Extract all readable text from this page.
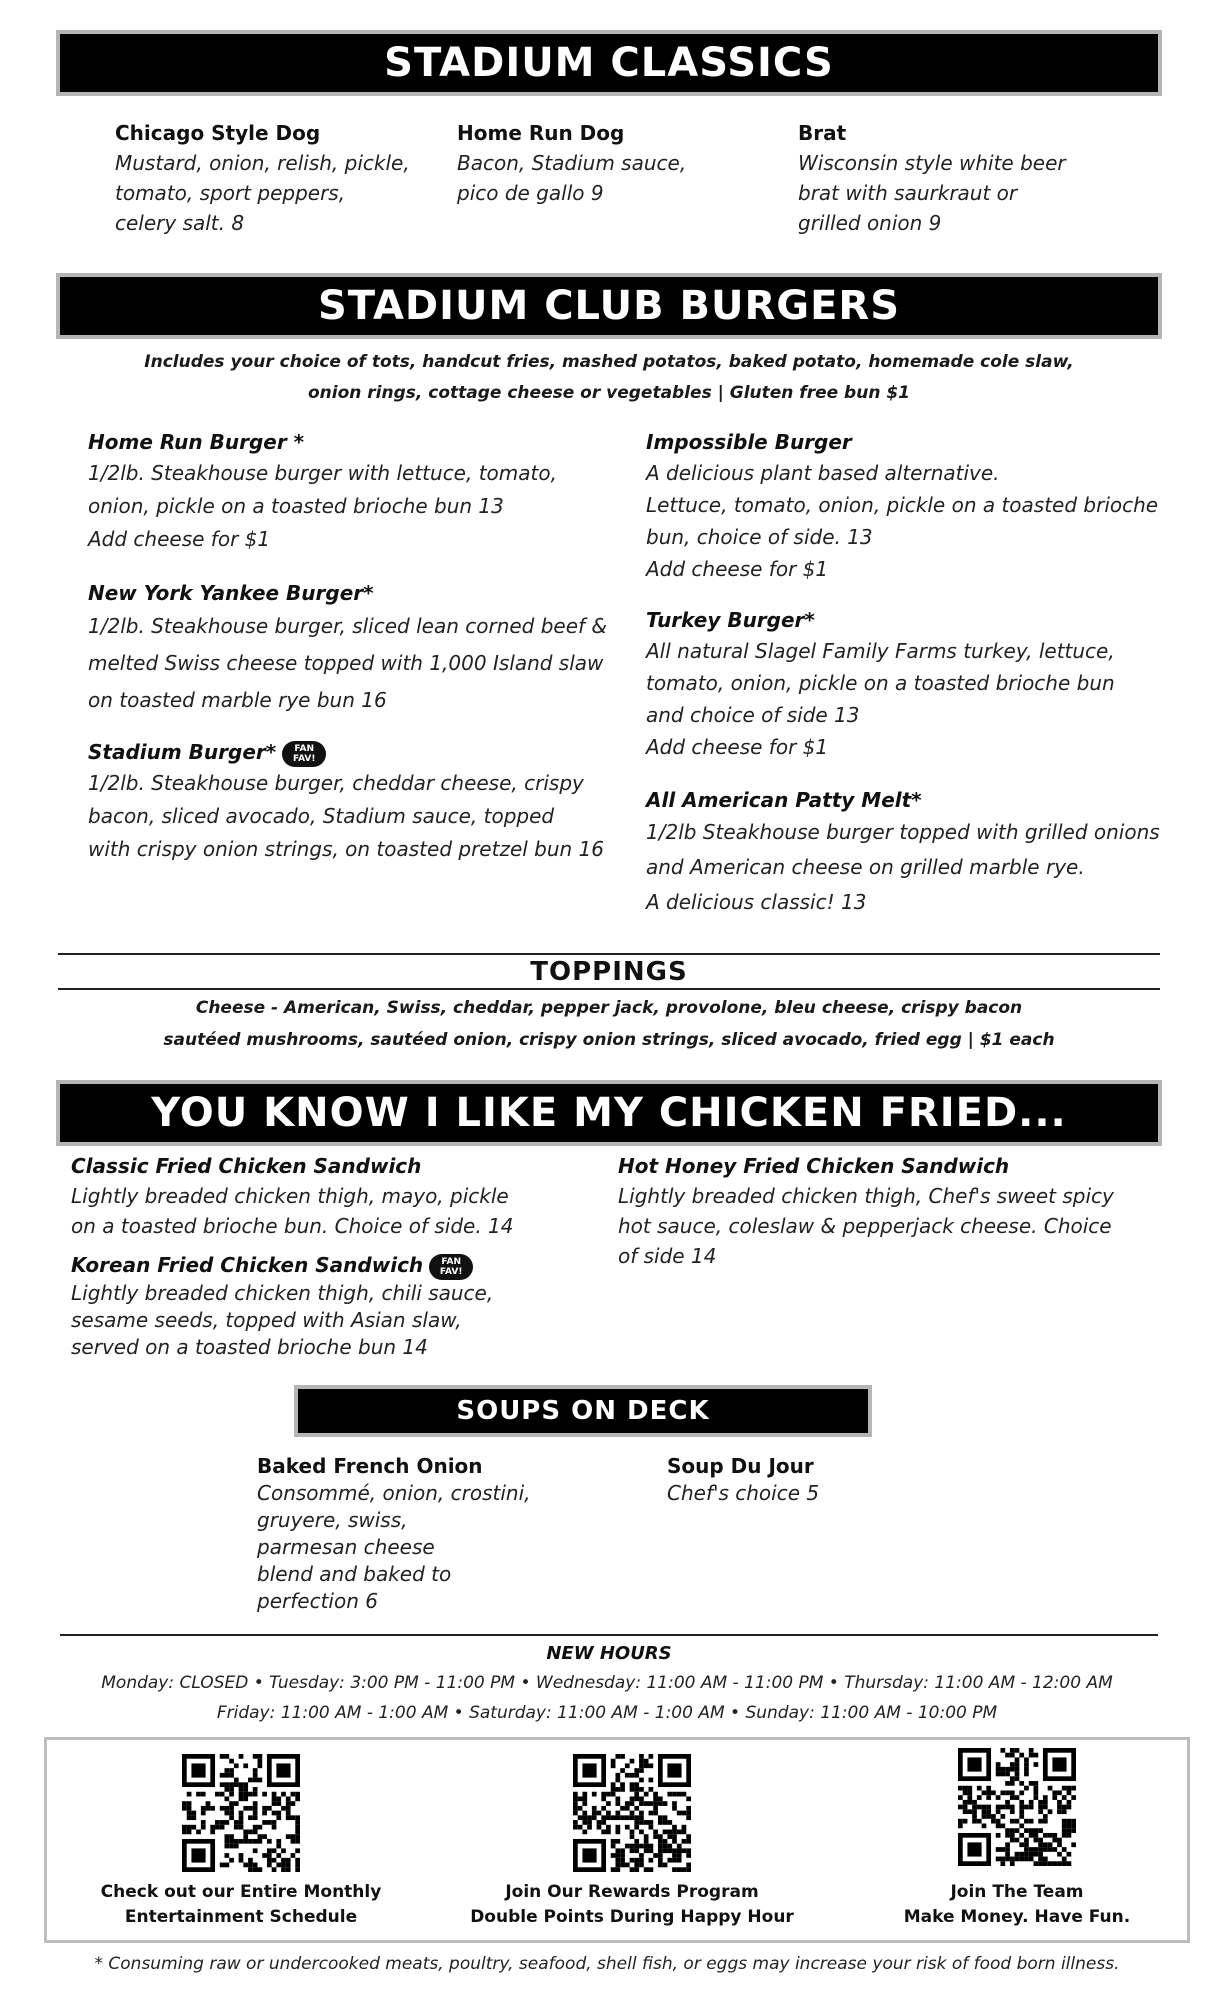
STADIUM CLASSICS
Chicago Style Dog
Mustard, onion, relish, pickle,
tomato, sport peppers,
celery salt. 8
Home Run Dog
Bacon, Stadium sauce,
pico de gallo 9
Brat
Wisconsin style white beer
brat with saurkraut or
grilled onion 9
STADIUM CLUB BURGERS
Includes your choice of tots, handcut fries, mashed potatos, baked potato, homemade cole slaw,
onion rings, cottage cheese or vegetables | Gluten free bun $1
Home Run Burger *
1/2lb. Steakhouse burger with lettuce, tomato,
onion, pickle on a toasted brioche bun 13
Add cheese for $1
New York Yankee Burger*
1/2lb. Steakhouse burger, sliced lean corned beef &
melted Swiss cheese topped with 1,000 Island slaw
on toasted marble rye bun 16
Stadium Burger* FAN FAV!
1/2lb. Steakhouse burger, cheddar cheese, crispy
bacon, sliced avocado, Stadium sauce, topped
with crispy onion strings, on toasted pretzel bun 16
Impossible Burger
A delicious plant based alternative.
Lettuce, tomato, onion, pickle on a toasted brioche
bun, choice of side. 13
Add cheese for $1
Turkey Burger*
All natural Slagel Family Farms turkey, lettuce,
tomato, onion, pickle on a toasted brioche bun
and choice of side 13
Add cheese for $1
All American Patty Melt*
1/2lb Steakhouse burger topped with grilled onions
and American cheese on grilled marble rye.
A delicious classic! 13
TOPPINGS
Cheese - American, Swiss, cheddar, pepper jack, provolone, bleu cheese, crispy bacon
sautéed mushrooms, sautéed onion, crispy onion strings, sliced avocado, fried egg | $1 each
YOU KNOW I LIKE MY CHICKEN FRIED...
Classic Fried Chicken Sandwich
Lightly breaded chicken thigh, mayo, pickle
on a toasted brioche bun. Choice of side. 14
Korean Fried Chicken Sandwich FAN FAV!
Lightly breaded chicken thigh, chili sauce,
sesame seeds, topped with Asian slaw,
served on a toasted brioche bun 14
Hot Honey Fried Chicken Sandwich
Lightly breaded chicken thigh, Chef's sweet spicy
hot sauce, coleslaw & pepperjack cheese. Choice
of side 14
SOUPS ON DECK
Baked French Onion
Consommé, onion, crostini,
gruyere, swiss,
parmesan cheese
blend and baked to
perfection 6
Soup Du Jour
Chef's choice 5
NEW HOURS
Monday: CLOSED • Tuesday: 3:00 PM - 11:00 PM • Wednesday: 11:00 AM - 11:00 PM • Thursday: 11:00 AM - 12:00 AM
Friday: 11:00 AM - 1:00 AM • Saturday: 11:00 AM - 1:00 AM • Sunday: 11:00 AM - 10:00 PM
Check out our Entire Monthly
Entertainment Schedule
Join Our Rewards Program
Double Points During Happy Hour
Join The Team
Make Money. Have Fun.
* Consuming raw or undercooked meats, poultry, seafood, shell fish, or eggs may increase your risk of food born illness.
